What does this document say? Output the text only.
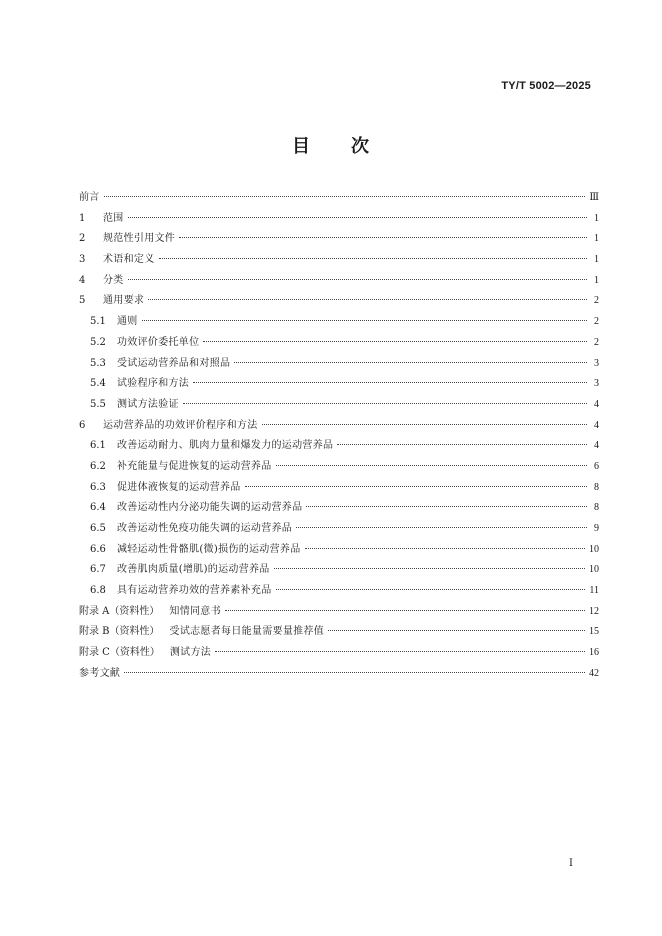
TY/T 5002—2025
目 次
前言	Ⅲ
1	范围	1
2	规范性引用文件	1
3	术语和定义	1
4	分类	1
5	通用要求	2
5.1	通则	2
5.2	功效评价委托单位	2
5.3	受试运动营养品和对照品	3
5.4	试验程序和方法	3
5.5	测试方法验证	4
6	运动营养品的功效评价程序和方法	4
6.1	改善运动耐力、肌肉力量和爆发力的运动营养品	4
6.2	补充能量与促进恢复的运动营养品	6
6.3	促进体液恢复的运动营养品	8
6.4	改善运动性内分泌功能失调的运动营养品	8
6.5	改善运动性免疫功能失调的运动营养品	9
6.6	减轻运动性骨骼肌(微)损伤的运动营养品	10
6.7	改善肌肉质量(增肌)的运动营养品	10
6.8	具有运动营养功效的营养素补充品	11
附录 A（资料性） 知情同意书	12
附录 B（资料性） 受试志愿者每日能量需要量推荐值	15
附录 C（资料性） 测试方法	16
参考文献	42
Ⅰ
